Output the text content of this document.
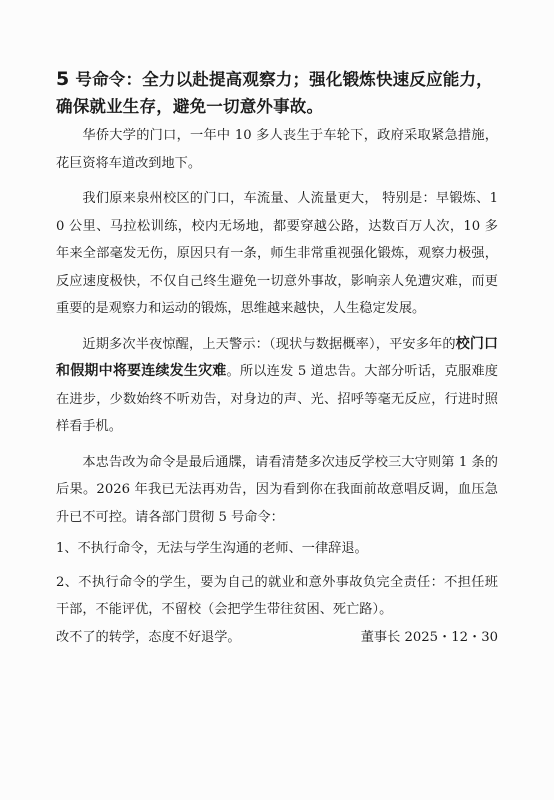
5 号命令：全力以赴提高观察力；强化锻炼快速反应能力，确保就业生存，避免一切意外事故。

华侨大学的门口，一年中 10 多人丧生于车轮下，政府采取紧急措施，花巨资将车道改到地下。

我们原来泉州校区的门口，车流量、人流量更大， 特别是：早锻炼、10 公里、马拉松训练，校内无场地，都要穿越公路，达数百万人次，10 多年来全部毫发无伤，原因只有一条，师生非常重视强化锻炼，观察力极强，反应速度极快，不仅自己终生避免一切意外事故，影响亲人免遭灾难，而更重要的是观察力和运动的锻炼，思维越来越快，人生稳定发展。

近期多次半夜惊醒，上天警示：（现状与数据概率），平安多年的校门口和假期中将要连续发生灾难。所以连发 5 道忠告。大部分听话，克服难度在进步，少数始终不听劝告，对身边的声、光、招呼等毫无反应，行进时照样看手机。

本忠告改为命令是最后通牒，请看清楚多次违反学校三大守则第 1 条的后果。2026 年我已无法再劝告，因为看到你在我面前故意唱反调，血压急升已不可控。请各部门贯彻 5 号命令：

1、不执行命令，无法与学生沟通的老师、一律辞退。

2、不执行命令的学生，要为自己的就业和意外事故负完全责任：不担任班干部，不能评优，不留校（会把学生带往贫困、死亡路）。

改不了的转学，态度不好退学。	董事长 2025・12・30
